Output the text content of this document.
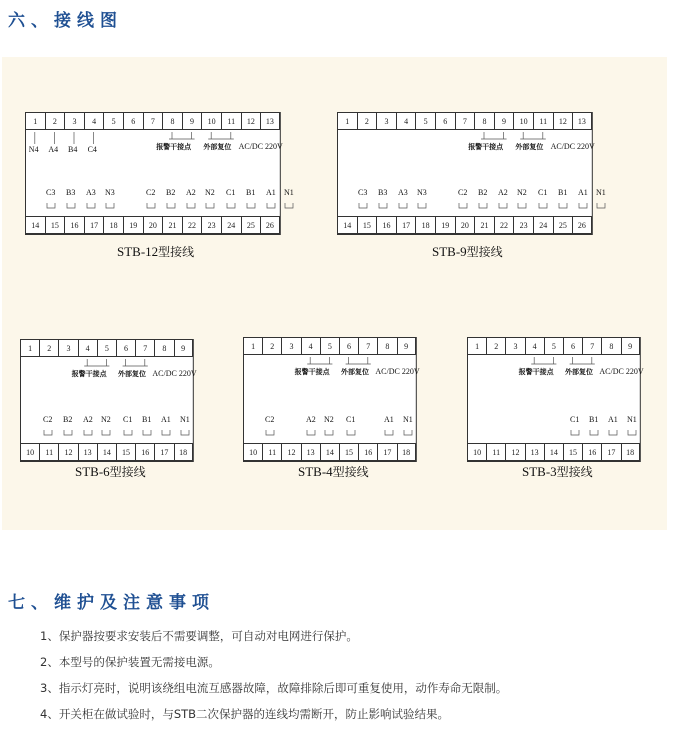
六、接线图
1	2	3	4	5	6	7	8	9	10	11	12	13
14	15	16	17	18	19	20	21	22	23	24	25	26
N4 A4 B4 C4	报警干接点 外部复位 AC/DC 220V
C3 B3 A3 N3	C2 B2 A2 N2 C1 B1 A1 N1
STB-12型接线
1	2	3	4	5	6	7	8	9	10	11	12	13
14	15	16	17	18	19	20	21	22	23	24	25	26
报警干接点 外部复位 AC/DC 220V
C3 B3 A3 N3	C2 B2 A2 N2 C1 B1 A1 N1
STB-9型接线
1	2	3	4	5	6	7	8	9
10	11	12	13	14	15	16	17	18
报警干接点 外部复位 AC/DC 220V
C2 B2 A2 N2 C1 B1 A1 N1
STB-6型接线
1	2	3	4	5	6	7	8	9
10	11	12	13	14	15	16	17	18
报警干接点 外部复位 AC/DC 220V
C2	A2 N2 C1	A1 N1
STB-4型接线
1	2	3	4	5	6	7	8	9
10	11	12	13	14	15	16	17	18
报警干接点 外部复位 AC/DC 220V
C1 B1 A1 N1
STB-3型接线
七、维护及注意事项
1、保护器按要求安装后不需要调整，可自动对电网进行保护。
2、本型号的保护装置无需接电源。
3、指示灯亮时，说明该绕组电流互感器故障，故障排除后即可重复使用，动作寿命无限制。
4、开关柜在做试验时，与STB二次保护器的连线均需断开，防止影响试验结果。
